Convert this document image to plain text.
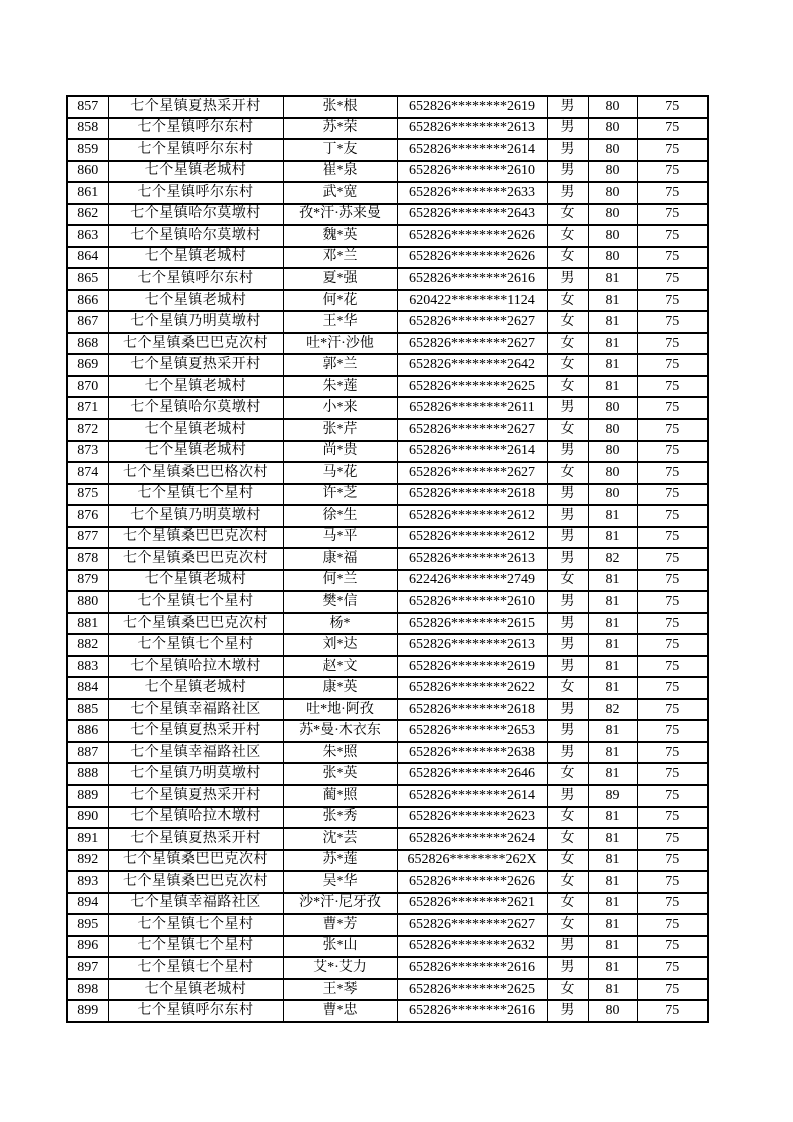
857	七个星镇夏热采开村	张*根	652826********2619	男	80	75
858	七个星镇呼尔东村	苏*荣	652826********2613	男	80	75
859	七个星镇呼尔东村	丁*友	652826********2614	男	80	75
860	七个星镇老城村	崔*泉	652826********2610	男	80	75
861	七个星镇呼尔东村	武*宽	652826********2633	男	80	75
862	七个星镇哈尔莫墩村	孜*汗·苏来曼	652826********2643	女	80	75
863	七个星镇哈尔莫墩村	魏*英	652826********2626	女	80	75
864	七个星镇老城村	邓*兰	652826********2626	女	80	75
865	七个星镇呼尔东村	夏*强	652826********2616	男	81	75
866	七个星镇老城村	何*花	620422********1124	女	81	75
867	七个星镇乃明莫墩村	王*华	652826********2627	女	81	75
868	七个星镇桑巴巴克次村	吐*汗·沙他	652826********2627	女	81	75
869	七个星镇夏热采开村	郭*兰	652826********2642	女	81	75
870	七个星镇老城村	朱*莲	652826********2625	女	81	75
871	七个星镇哈尔莫墩村	小*来	652826********2611	男	80	75
872	七个星镇老城村	张*芹	652826********2627	女	80	75
873	七个星镇老城村	尚*贵	652826********2614	男	80	75
874	七个星镇桑巴巴格次村	马*花	652826********2627	女	80	75
875	七个星镇七个星村	许*芝	652826********2618	男	80	75
876	七个星镇乃明莫墩村	徐*生	652826********2612	男	81	75
877	七个星镇桑巴巴克次村	马*平	652826********2612	男	81	75
878	七个星镇桑巴巴克次村	康*福	652826********2613	男	82	75
879	七个星镇老城村	何*兰	622426********2749	女	81	75
880	七个星镇七个星村	樊*信	652826********2610	男	81	75
881	七个星镇桑巴巴克次村	杨*	652826********2615	男	81	75
882	七个星镇七个星村	刘*达	652826********2613	男	81	75
883	七个星镇哈拉木墩村	赵*文	652826********2619	男	81	75
884	七个星镇老城村	康*英	652826********2622	女	81	75
885	七个星镇幸福路社区	吐*地·阿孜	652826********2618	男	82	75
886	七个星镇夏热采开村	苏*曼·木衣东	652826********2653	男	81	75
887	七个星镇幸福路社区	朱*照	652826********2638	男	81	75
888	七个星镇乃明莫墩村	张*英	652826********2646	女	81	75
889	七个星镇夏热采开村	蔺*照	652826********2614	男	89	75
890	七个星镇哈拉木墩村	张*秀	652826********2623	女	81	75
891	七个星镇夏热采开村	沈*芸	652826********2624	女	81	75
892	七个星镇桑巴巴克次村	苏*莲	652826********262X	女	81	75
893	七个星镇桑巴巴克次村	吴*华	652826********2626	女	81	75
894	七个星镇幸福路社区	沙*汗·尼牙孜	652826********2621	女	81	75
895	七个星镇七个星村	曹*芳	652826********2627	女	81	75
896	七个星镇七个星村	张*山	652826********2632	男	81	75
897	七个星镇七个星村	艾*·艾力	652826********2616	男	81	75
898	七个星镇老城村	王*琴	652826********2625	女	81	75
899	七个星镇呼尔东村	曹*忠	652826********2616	男	80	75
